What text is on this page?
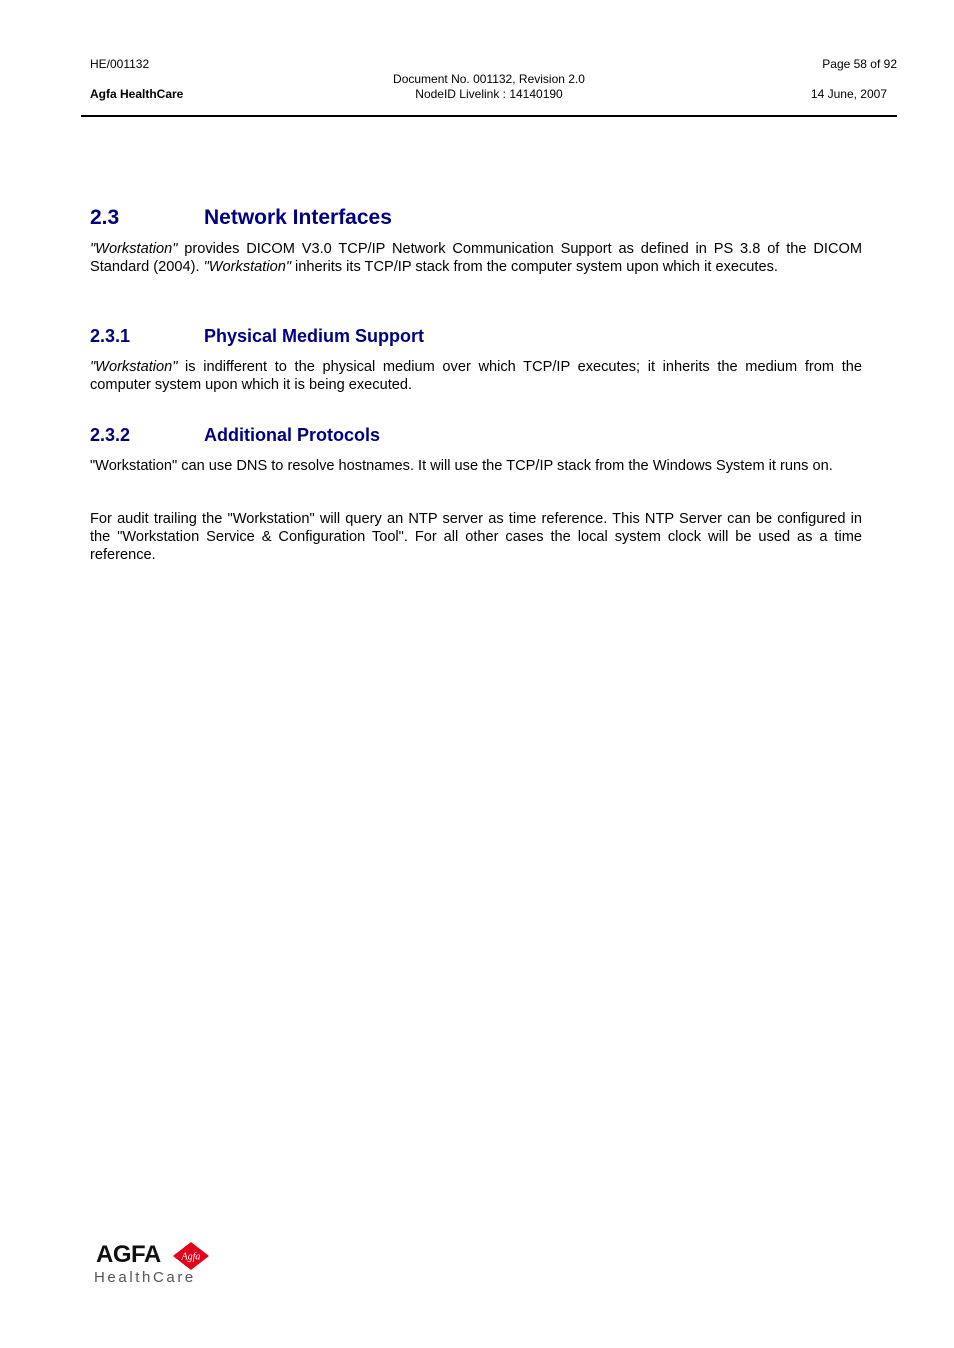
HE/001132
Agfa HealthCare
Document No. 001132, Revision 2.0
NodeID Livelink : 14140190
Page 58 of 92
14 June, 2007
2.3	Network Interfaces

"Workstation" provides DICOM V3.0 TCP/IP Network Communication Support as defined in PS 3.8 of the DICOM Standard (2004). "Workstation" inherits its TCP/IP stack from the computer system upon which it executes.

2.3.1	Physical Medium Support

"Workstation" is indifferent to the physical medium over which TCP/IP executes; it inherits the medium from the computer system upon which it is being executed.

2.3.2	Additional Protocols

"Workstation" can use DNS to resolve hostnames. It will use the TCP/IP stack from the Windows System it runs on.

For audit trailing the "Workstation" will query an NTP server as time reference. This NTP Server can be configured in the "Workstation Service & Configuration Tool". For all other cases the local system clock will be used as a time reference.

AGFA Agfa
HealthCare
